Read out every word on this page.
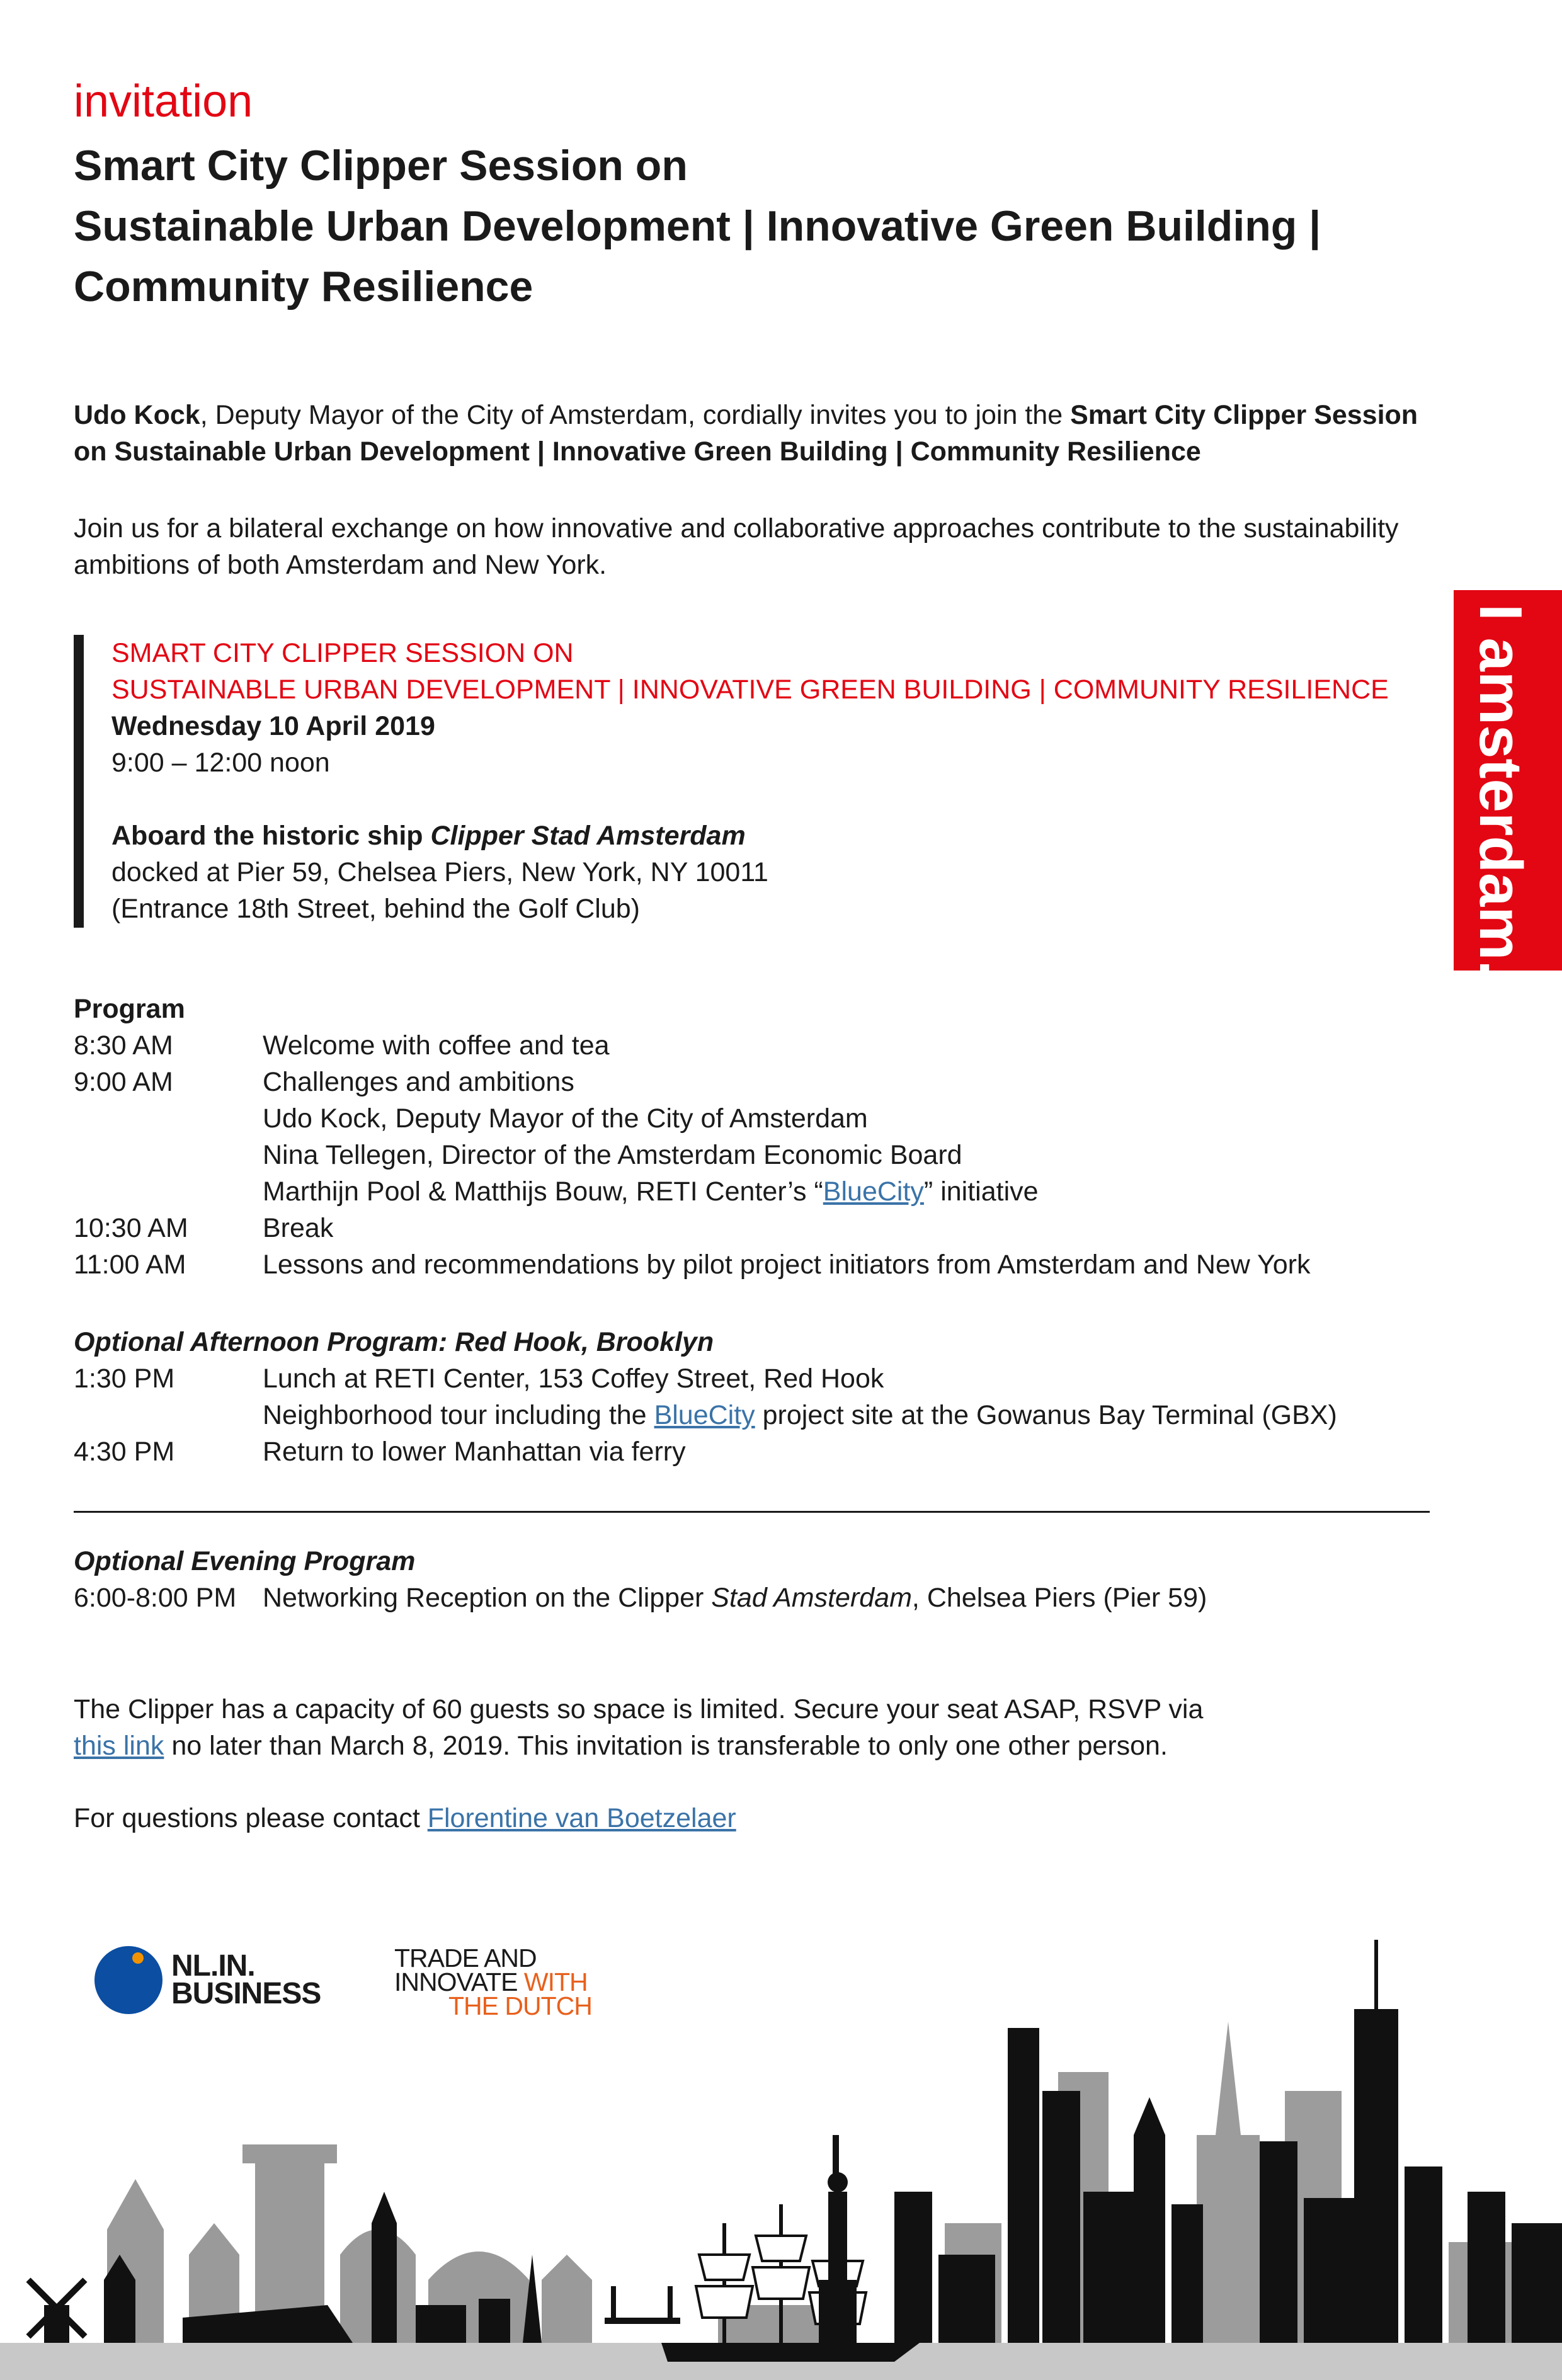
invitation
Smart City Clipper Session on
Sustainable Urban Development | Innovative Green Building |
Community Resilience
Udo Kock, Deputy Mayor of the City of Amsterdam, cordially invites you to join the Smart City Clipper Session on Sustainable Urban Development | Innovative Green Building | Community Resilience
Join us for a bilateral exchange on how innovative and collaborative approaches contribute to the sustainability ambitions of both Amsterdam and New York.
SMART CITY CLIPPER SESSION ON
SUSTAINABLE URBAN DEVELOPMENT | INNOVATIVE GREEN BUILDING | COMMUNITY RESILIENCE
Wednesday 10 April 2019
9:00 – 12:00 noon
Aboard the historic ship Clipper Stad Amsterdam
docked at Pier 59, Chelsea Piers, New York, NY 10011
(Entrance 18th Street, behind the Golf Club)	I amsterdam.
Program
8:30 AM	Welcome with coffee and tea
9:00 AM	Challenges and ambitions
Udo Kock, Deputy Mayor of the City of Amsterdam
Nina Tellegen, Director of the Amsterdam Economic Board
Marthijn Pool & Matthijs Bouw, RETI Center’s “BlueCity” initiative
10:30 AM	Break
11:00 AM	Lessons and recommendations by pilot project initiators from Amsterdam and New York
Optional Afternoon Program: Red Hook, Brooklyn
1:30 PM	Lunch at RETI Center, 153 Coffey Street, Red Hook
Neighborhood tour including the BlueCity project site at the Gowanus Bay Terminal (GBX)
4:30 PM	Return to lower Manhattan via ferry
Optional Evening Program
6:00-8:00 PM Networking Reception on the Clipper Stad Amsterdam, Chelsea Piers (Pier 59)
The Clipper has a capacity of 60 guests so space is limited. Secure your seat ASAP, RSVP via
this link no later than March 8, 2019. This invitation is transferable to only one other person.
For questions please contact Florentine van Boetzelaer
NL.IN.
BUSINESS
TRADE AND
INNOVATE WITH
THE DUTCH
